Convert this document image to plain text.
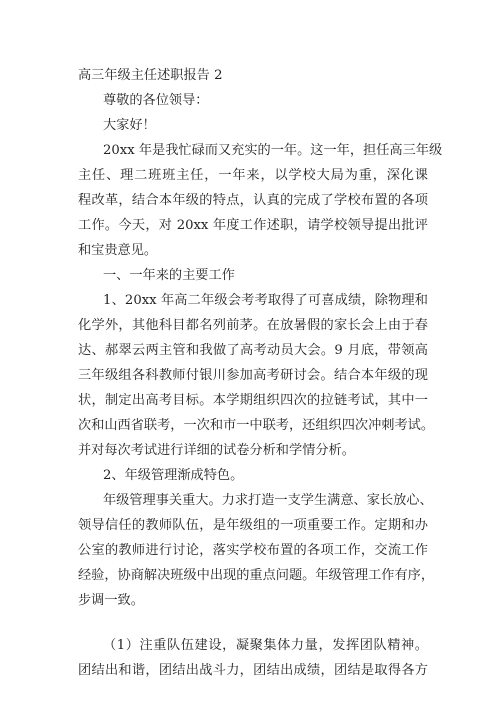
高三年级主任述职报告 2
尊敬的各位领导：
大家好！
20xx 年是我忙碌而又充实的一年。这一年，担任高三年级
主任、理二班班主任，一年来，以学校大局为重，深化课
程改革，结合本年级的特点，认真的完成了学校布置的各项
工作。今天，对 20xx 年度工作述职，请学校领导提出批评
和宝贵意见。
一、一年来的主要工作
1、20xx 年高二年级会考考取得了可喜成绩，除物理和
化学外，其他科目都名列前茅。在放暑假的家长会上由于春
达、郝翠云两主管和我做了高考动员大会。9 月底，带领高
三年级组各科教师付银川参加高考研讨会。结合本年级的现
状，制定出高考目标。本学期组织四次的拉链考试，其中一
次和山西省联考，一次和市一中联考，还组织四次冲刺考试。
并对每次考试进行详细的试卷分析和学情分析。
2、年级管理渐成特色。
年级管理事关重大。力求打造一支学生满意、家长放心、
领导信任的教师队伍，是年级组的一项重要工作。定期和办
公室的教师进行讨论，落实学校布置的各项工作，交流工作
经验，协商解决班级中出现的重点问题。年级管理工作有序，
步调一致。
（1）注重队伍建设，凝聚集体力量，发挥团队精神。
团结出和谐，团结出战斗力，团结出成绩，团结是取得各方
